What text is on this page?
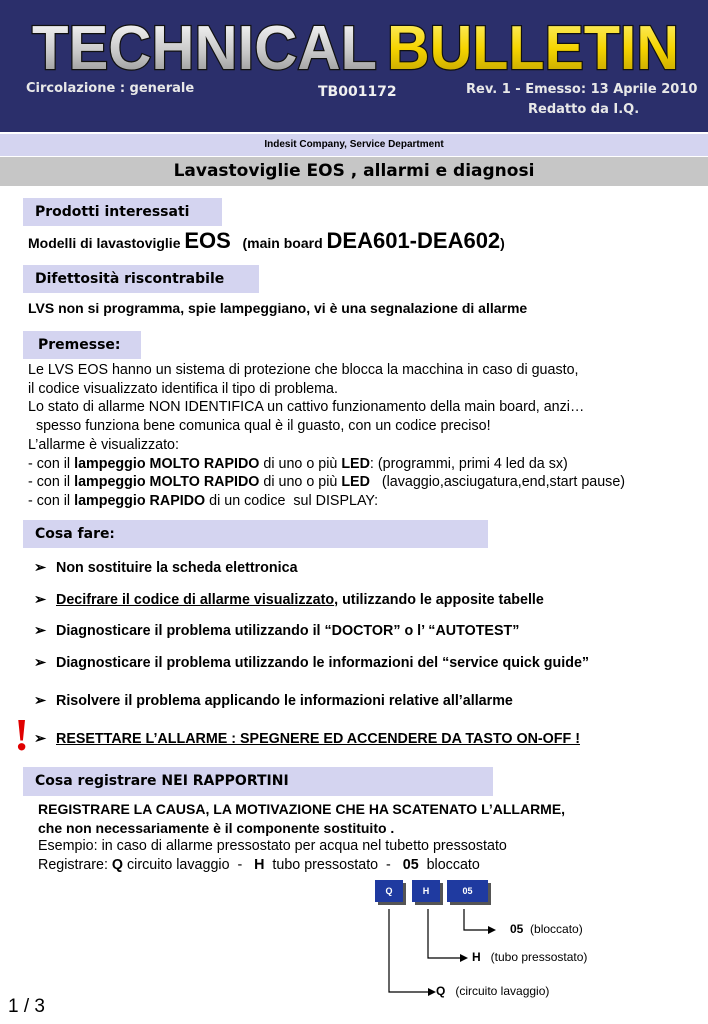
TECHNICAL BULLETIN
Circolazione : generale	TB001172	Rev. 1 - Emesso: 13 Aprile 2010
Redatto da I.Q.
Indesit Company, Service Department
Lavastoviglie EOS , allarmi e diagnosi
Prodotti interessati
Modelli di lavastoviglie EOS   (main board DEA601-DEA602)
Difettosità riscontrabile
LVS non si programma, spie lampeggiano, vi è una segnalazione di allarme
Premesse:
Le LVS EOS hanno un sistema di protezione che blocca la macchina in caso di guasto,
il codice visualizzato identifica il tipo di problema.
Lo stato di allarme NON IDENTIFICA un cattivo funzionamento della main board, anzi…
spesso funziona bene comunica qual è il guasto, con un codice preciso!
L’allarme è visualizzato:
- con il lampeggio MOLTO RAPIDO di uno o più LED: (programmi, primi 4 led da sx)
- con il lampeggio MOLTO RAPIDO di uno o più LED   (lavaggio,asciugatura,end,start pause)
- con il lampeggio RAPIDO di un codice  sul DISPLAY:
Cosa fare:
➢ Non sostituire la scheda elettronica
➢ Decifrare il codice di allarme visualizzato, utilizzando le apposite tabelle
➢ Diagnosticare il problema utilizzando il “DOCTOR” o l’ “AUTOTEST”
➢ Diagnosticare il problema utilizzando le informazioni del “service quick guide”
➢ Risolvere il problema applicando le informazioni relative all’allarme
! ➢ RESETTARE L’ALLARME : SPEGNERE ED ACCENDERE DA TASTO ON-OFF !
Cosa registrare NEI RAPPORTINI
REGISTRARE LA CAUSA, LA MOTIVAZIONE CHE HA SCATENATO L’ALLARME,
che non necessariamente è il componente sostituito .
Esempio: in caso di allarme pressostato per acqua nel tubetto pressostato
Registrare: Q circuito lavaggio  -   H  tubo pressostato  -   05  bloccato
Q	H	05
05  (bloccato)
H   (tubo pressostato)
Q   (circuito lavaggio)
1 / 3
